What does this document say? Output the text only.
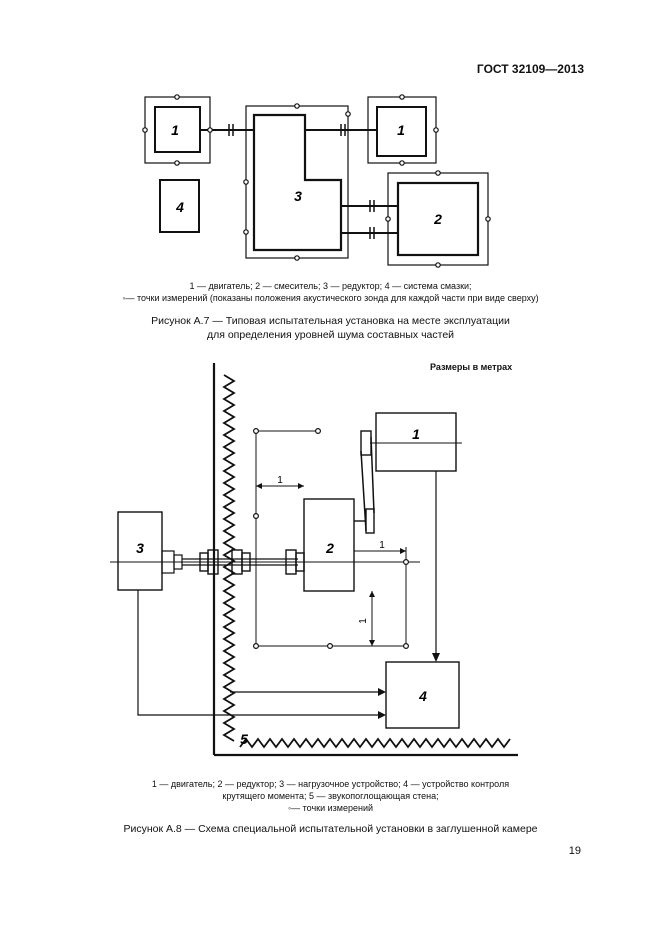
ГОСТ 32109—2013
1	1
3
4
2
1 — двигатель; 2 — смеситель; 3 — редуктор; 4 — система смазки;
◦— точки измерений (показаны положения акустического зонда для каждой части при виде сверху)
Рисунок А.7 — Типовая испытательная установка на месте эксплуатации
для определения уровней шума составных частей
Размеры в метрах
1
2
3
4
5
1
1
1
1 — двигатель; 2 — редуктор; 3 — нагрузочное устройство; 4 — устройство контроля
крутящего момента; 5 — звукопоглощающая стена;
◦— точки измерений
Рисунок А.8 — Схема специальной испытательной установки в заглушенной камере
19
